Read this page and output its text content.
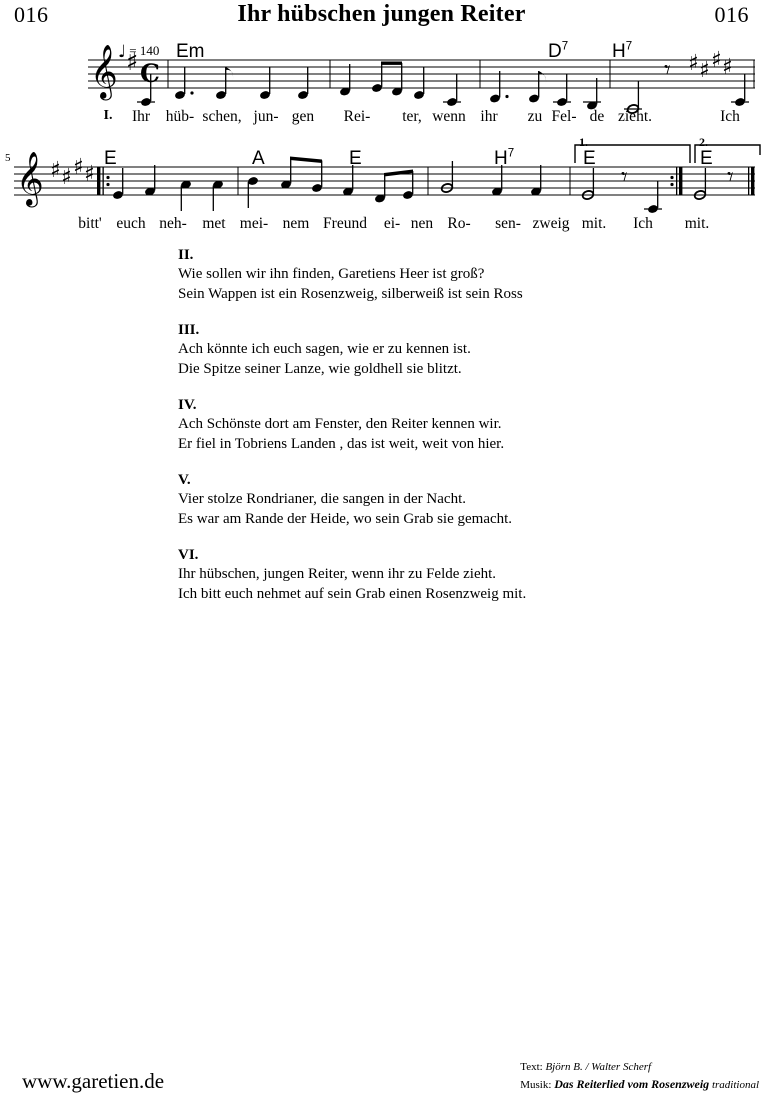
016	Ihr hübschen jungen Reiter	016
𝄞 ♯ C	𝄾 ♯ ♯ ♯ ♯
♩ = 140 Em	$D^7$ $H^7$
I. Ihr hüb- schen, jun- gen Rei- ter, wenn ihr zu Fel- de zieht.	Ich
𝄞 ♯ ♯ ♯ ♯	𝄾	𝄾
5	E	A	E	$H^7$	E	E
1.	2.
bitt' euch neh- met mei- nem Freund ei- nen Ro- sen- zweig mit. Ich mit.
II.
Wie sollen wir ihn finden, Garetiens Heer ist groß?
Sein Wappen ist ein Rosenzweig, silberweiß ist sein Ross
III.
Ach könnte ich euch sagen, wie er zu kennen ist.
Die Spitze seiner Lanze, wie goldhell sie blitzt.
IV.
Ach Schönste dort am Fenster, den Reiter kennen wir.
Er fiel in Tobriens Landen , das ist weit, weit von hier.
V.
Vier stolze Rondrianer, die sangen in der Nacht.
Es war am Rande der Heide, wo sein Grab sie gemacht.
VI.
Ihr hübschen, jungen Reiter, wenn ihr zu Felde zieht.
Ich bitt euch nehmet auf sein Grab einen Rosenzweig mit.
www.garetien.de
Text: Björn B. / Walter Scherf
Musik: Das Reiterlied vom Rosenzweig traditional
